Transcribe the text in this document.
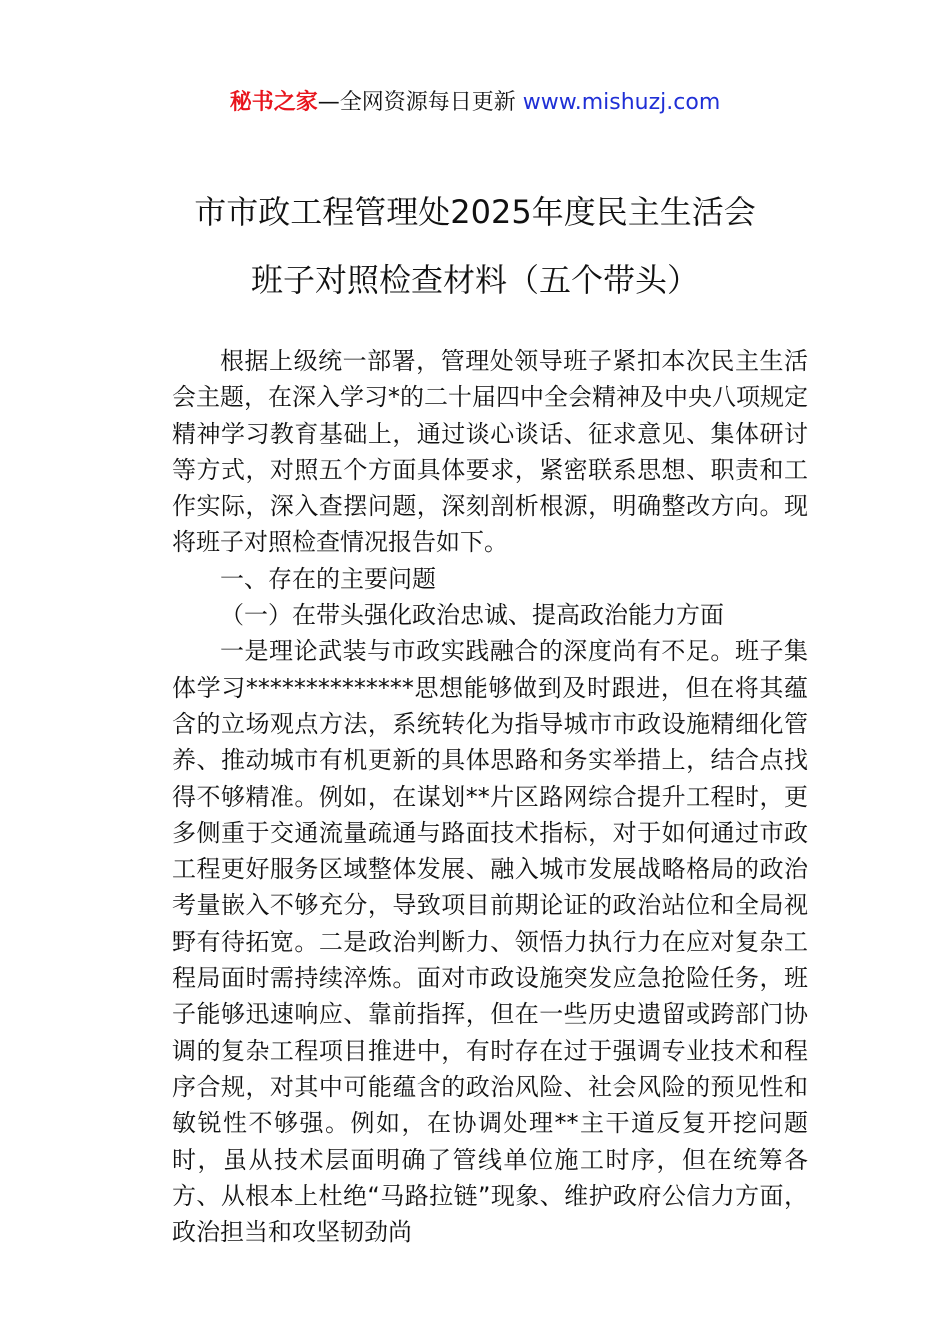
秘书之家—全网资源每日更新 www.mishuzj.com
市市政工程管理处2025年度民主生活会
班子对照检查材料（五个带头）

根据上级统一部署，管理处领导班子紧扣本次民主生活会主题，在深入学习*的二十届四中全会精神及中央八项规定精神学习教育基础上，通过谈心谈话、征求意见、集体研讨等方式，对照五个方面具体要求，紧密联系思想、职责和工作实际，深入查摆问题，深刻剖析根源，明确整改方向。现将班子对照检查情况报告如下。

一、存在的主要问题

（一）在带头强化政治忠诚、提高政治能力方面

一是理论武装与市政实践融合的深度尚有不足。班子集体学习**************思想能够做到及时跟进，但在将其蕴含的立场观点方法，系统转化为指导城市市政设施精细化管养、推动城市有机更新的具体思路和务实举措上，结合点找得不够精准。例如，在谋划**片区路网综合提升工程时，更多侧重于交通流量疏通与路面技术指标，对于如何通过市政工程更好服务区域整体发展、融入城市发展战略格局的政治考量嵌入不够充分，导致项目前期论证的政治站位和全局视野有待拓宽。二是政治判断力、领悟力执行力在应对复杂工程局面时需持续淬炼。面对市政设施突发应急抢险任务，班子能够迅速响应、靠前指挥，但在一些历史遗留或跨部门协调的复杂工程项目推进中，有时存在过于强调专业技术和程序合规，对其中可能蕴含的政治风险、社会风险的预见性和敏锐性不够强。例如，在协调处理**主干道反复开挖问题时，虽从技术层面明确了管线单位施工时序，但在统筹各方、从根本上杜绝“马路拉链”现象、维护政府公信力方面，政治担当和攻坚韧劲尚
